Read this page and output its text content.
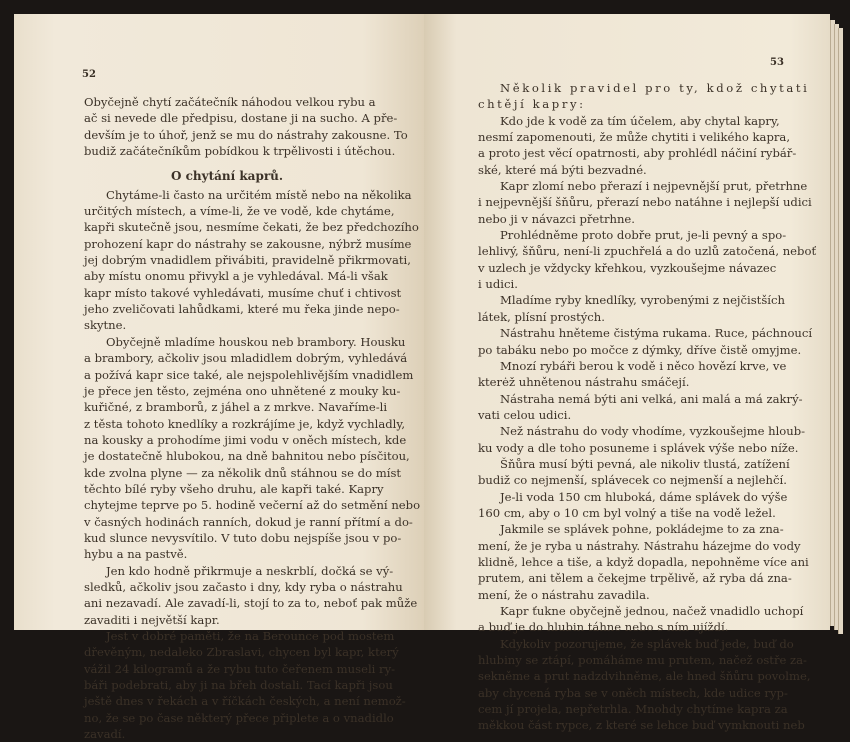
52
Obyčejně chytí začátečník náhodou velkou rybu a
ač si nevede dle předpisu, dostane ji na sucho. A pře-
devším je to úhoř, jenž se mu do nástrahy zakousne. To
budiž začátečníkům pobídkou k trpělivosti i útěchou.
O chytání kaprů.
Chytáme-li často na určitém místě nebo na několika
určitých místech, a víme-li, že ve vodě, kde chytáme,
kapři skutečně jsou, nesmíme čekati, že bez předchozího
prohození kapr do nástrahy se zakousne, nýbrž musíme
jej dobrým vnadidlem přivábiti, pravidelně přikrmovati,
aby místu onomu přivykl a je vyhledával. Má-li však
kapr místo takové vyhledávati, musíme chuť i chtivost
jeho zveličovati lahůdkami, které mu řeka jinde nepo-
skytne.
Obyčejně mladíme houskou neb brambory. Housku
a brambory, ačkoliv jsou mladidlem dobrým, vyhledává
a požívá kapr sice také, ale nejspolehlivějším vnadidlem
je přece jen těsto, zejména ono uhnětené z mouky ku-
kuřičné, z bramborů, z jáhel a z mrkve. Navaříme-li
z těsta tohoto knedlíky a rozkrájíme je, když vychladly,
na kousky a prohodíme jimi vodu v oněch místech, kde
je dostatečně hlubokou, na dně bahnitou nebo písčitou,
kde zvolna plyne — za několik dnů stáhnou se do míst
těchto bílé ryby všeho druhu, ale kapři také. Kapry
chytejme teprve po 5. hodině večerní až do setmění nebo
v časných hodinách ranních, dokud je ranní přítmí a do-
kud slunce nevysvítilo. V tuto dobu nejspíše jsou v po-
hybu a na pastvě.
Jen kdo hodně přikrmuje a neskrblí, dočká se vý-
sledků, ačkoliv jsou začasto i dny, kdy ryba o nástrahu
ani nezavadí. Ale zavadí-li, stojí to za to, neboť pak může
zavaditi i největší kapr.
Jest v dobré paměti, že na Berounce pod mostem
dřevěným, nedaleko Zbraslavi, chycen byl kapr, který
vážil 24 kilogramů a že rybu tuto čeřenem museli ry-
báři podebrati, aby ji na břeh dostali. Tací kapři jsou
ještě dnes v řekách a v říčkách českých, a není nemož-
no, že se po čase některý přece připlete a o vnadidlo
zavadí.
53
Několik pravidel pro ty, kdož chytati
chtějí kapry:
Kdo jde k vodě za tím účelem, aby chytal kapry,
nesmí zapomenouti, že může chytiti i velikého kapra,
a proto jest věcí opatrnosti, aby prohlédl náčiní rybář-
ské, které má býti bezvadné.
Kapr zlomí nebo přerazí i nejpevnější prut, přetrhne
i nejpevnější šňůru, přerazí nebo natáhne i nejlepší udici
nebo ji v návazci přetrhne.
Prohlédněme proto dobře prut, je-li pevný a spo-
lehlivý, šňůru, není-li zpuchřelá a do uzlů zatočená, neboť
v uzlech je vždycky křehkou, vyzkoušejme návazec
i udici.
Mladíme ryby knedlíky, vyrobenými z nejčistších
látek, plísní prostých.
Nástrahu hněteme čistýma rukama. Ruce, páchnoucí
po tabáku nebo po močce z dýmky, dříve čistě omyjme.
Mnozí rybáři berou k vodě i něco hovězí krve, ve
kterėž uhnětenou nástrahu smáčejí.
Nástraha nemá býti ani velká, ani malá a má zakrý-
vati celou udici.
Než nástrahu do vody vhodíme, vyzkoušejme hloub-
ku vody a dle toho posuneme i splávek výše nebo níže.
Šňůra musí býti pevná, ale nikoliv tlustá, zatížení
budiž co nejmenší, splávecek co nejmenší a nejlehčí.
Je-li voda 150 cm hluboká, dáme splávek do výše
160 cm, aby o 10 cm byl volný a tiše na vodě ležel.
Jakmile se splávek pohne, pokládejme to za zna-
mení, že je ryba u nástrahy. Nástrahu házejme do vody
klidně, lehce a tiše, a když dopadla, nepohněme více ani
prutem, ani tělem a čekejme trpělivě, až ryba dá zna-
mení, že o nástrahu zavadila.
Kapr ťukne obyčejně jednou, načež vnadidlo uchopí
a buď je do hlubin táhne nebo s ním ujíždí.
Kdykoliv pozorujeme, že splávek buď jede, buď do
hlubiny se ztápí, pomáháme mu prutem, načež ostře za-
sekněme a prut nadzdvihněme, ale hned šňůru povolme,
aby chycená ryba se v oněch místech, kde udice ryp-
cem jí projela, nepřetrhla. Mnohdy chytíme kapra za
měkkou část rypce, z které se lehce buď vymknouti neb
